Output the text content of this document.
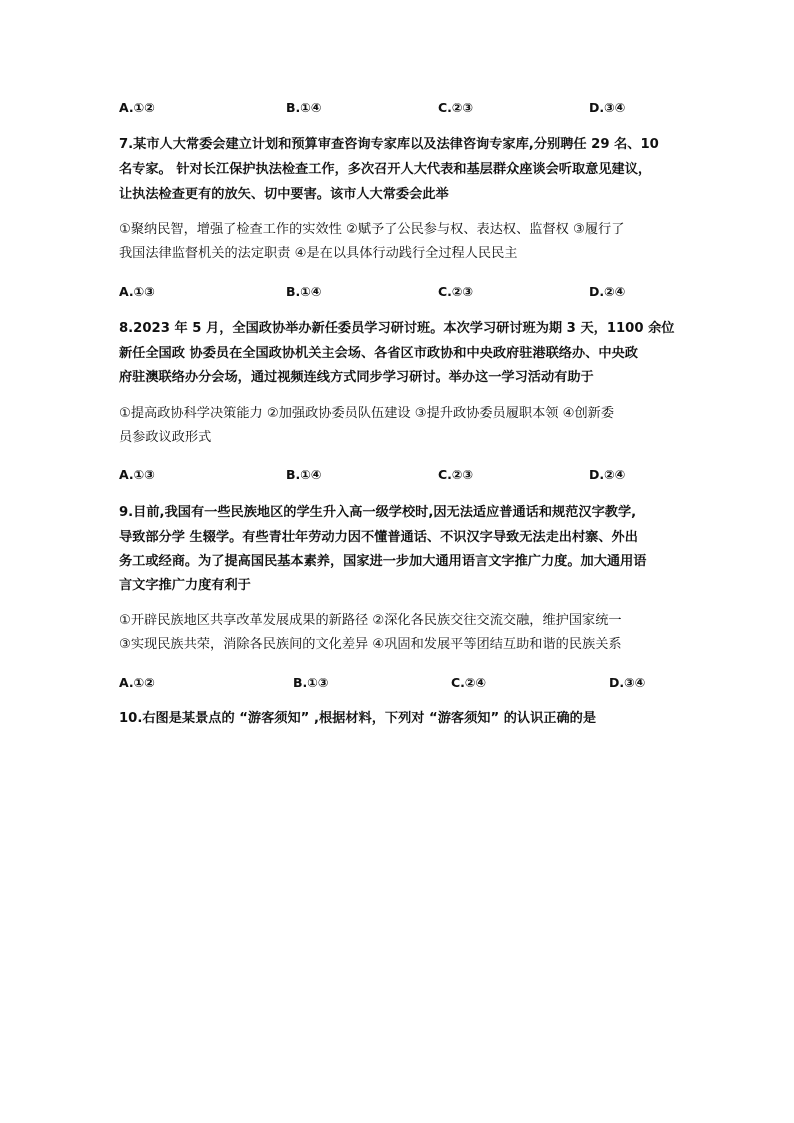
A.①②	B.①④	C.②③	D.③④
7.某市人大常委会建立计划和预算审查咨询专家库以及法律咨询专家库,分别聘任 29 名、10
名专家。 针对长江保护执法检查工作，多次召开人大代表和基层群众座谈会听取意见建议，
让执法检查更有的放矢、切中要害。该市人大常委会此举
①聚纳民智，增强了检查工作的实效性 ②赋予了公民参与权、表达权、监督权 ③履行了
我国法律监督机关的法定职责 ④是在以具体行动践行全过程人民民主
A.①③	B.①④	C.②③	D.②④
8.2023 年 5 月，全国政协举办新任委员学习研讨班。本次学习研讨班为期 3 天，1100 余位
新任全国政 协委员在全国政协机关主会场、各省区市政协和中央政府驻港联络办、中央政
府驻澳联络办分会场，通过视频连线方式同步学习研讨。举办这一学习活动有助于
①提高政协科学决策能力 ②加强政协委员队伍建设 ③提升政协委员履职本领 ④创新委
员参政议政形式
A.①③	B.①④	C.②③	D.②④
9.目前,我国有一些民族地区的学生升入高一级学校时,因无法适应普通话和规范汉字教学,
导致部分学 生辍学。有些青壮年劳动力因不懂普通话、不识汉字导致无法走出村寨、外出
务工或经商。为了提高国民基本素养，国家进一步加大通用语言文字推广力度。加大通用语
言文字推广力度有利于
①开辟民族地区共享改革发展成果的新路径 ②深化各民族交往交流交融，维护国家统一
③实现民族共荣，消除各民族间的文化差异 ④巩固和发展平等团结互助和谐的民族关系
A.①②	B.①③	C.②④	D.③④
10.右图是某景点的 “游客须知” ,根据材料，下列对 “游客须知” 的认识正确的是
